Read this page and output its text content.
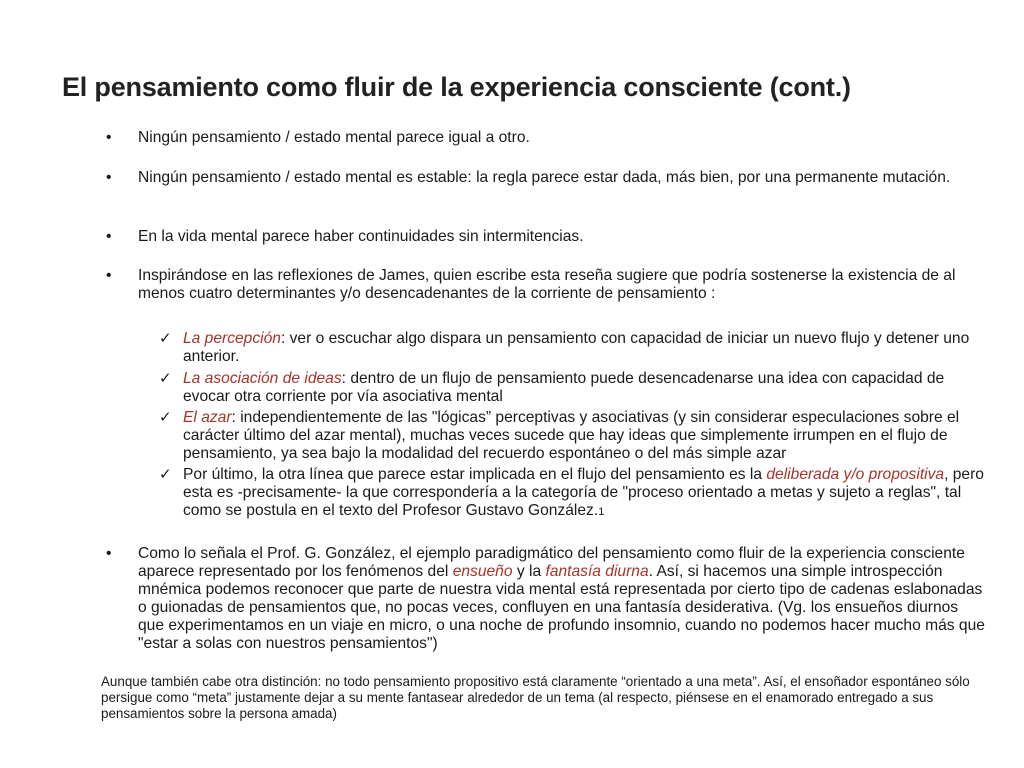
El pensamiento como fluir de la experiencia consciente (cont.)
• Ningún pensamiento / estado mental parece igual a otro.
• Ningún pensamiento / estado mental es estable: la regla parece estar dada, más bien, por una permanente mutación.
• En la vida mental parece haber continuidades sin intermitencias.
• Inspirándose en las reflexiones de James, quien escribe esta reseña sugiere que podría sostenerse la existencia de al menos cuatro determinantes y/o desencadenantes de la corriente de pensamiento :
✓ La percepción: ver o escuchar algo dispara un pensamiento con capacidad de iniciar un nuevo flujo y detener uno anterior.
✓ La asociación de ideas: dentro de un flujo de pensamiento puede desencadenarse una idea con capacidad de evocar otra corriente por vía asociativa mental
✓ El azar: independientemente de las "lógicas” perceptivas y asociativas (y sin considerar especulaciones sobre el carácter último del azar mental), muchas veces sucede que hay ideas que simplemente irrumpen en el flujo de pensamiento, ya sea bajo la modalidad del recuerdo espontáneo o del más simple azar
✓ Por último, la otra línea que parece estar implicada en el flujo del pensamiento es la deliberada y/o propositiva, pero esta es -precisamente- la que correspondería a la categoría de "proceso orientado a metas y sujeto a reglas", tal como se postula en el texto del Profesor Gustavo González.1
• Como lo señala el Prof. G. González, el ejemplo paradigmático del pensamiento como fluir de la experiencia consciente aparece representado por los fenómenos del ensueño y la fantasía diurna. Así, si hacemos una simple introspección mnémica podemos reconocer que parte de nuestra vida mental está representada por cierto tipo de cadenas eslabonadas o guionadas de pensamientos que, no pocas veces, confluyen en una fantasía desiderativa. (Vg. los ensueños diurnos que experimentamos en un viaje en micro, o una noche de profundo insomnio, cuando no podemos hacer mucho más que "estar a solas con nuestros pensamientos")
Aunque también cabe otra distinción: no todo pensamiento propositivo está claramente “orientado a una meta”. Así, el ensoñador espontáneo sólo persigue como “meta” justamente dejar a su mente fantasear alrededor de un tema (al respecto, piénsese en el enamorado entregado a sus pensamientos sobre la persona amada)
